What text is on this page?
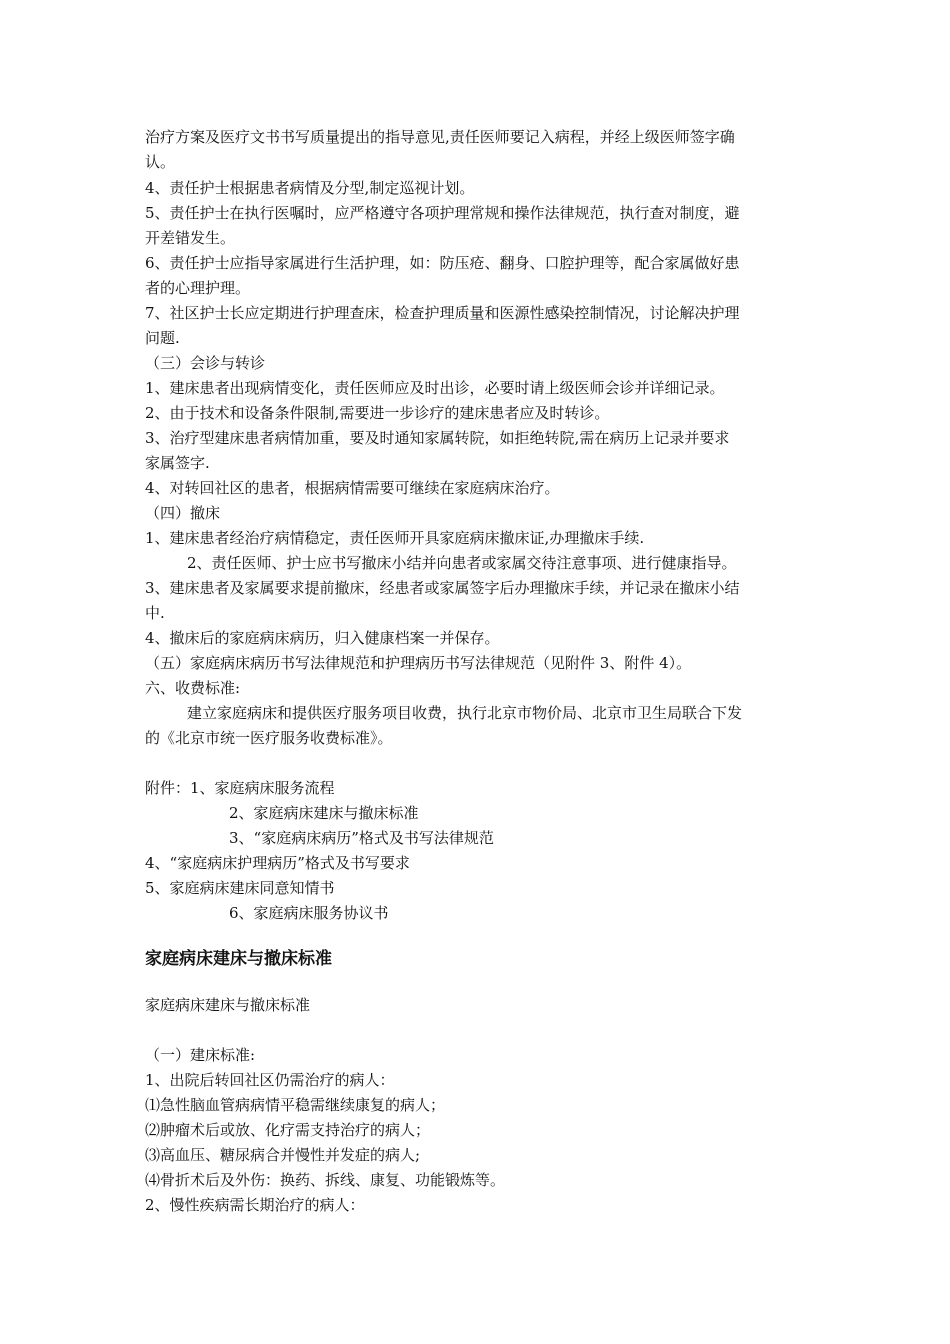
治疗方案及医疗文书书写质量提出的指导意见,责任医师要记入病程，并经上级医师签字确
认。
4、责任护士根据患者病情及分型,制定巡视计划。
5、责任护士在执行医嘱时，应严格遵守各项护理常规和操作法律规范，执行查对制度，避
开差错发生。
6、责任护士应指导家属进行生活护理，如：防压疮、翻身、口腔护理等，配合家属做好患
者的心理护理。
7、社区护士长应定期进行护理查床，检查护理质量和医源性感染控制情况，讨论解决护理
问题.
（三）会诊与转诊
1、建床患者出现病情变化，责任医师应及时出诊，必要时请上级医师会诊并详细记录。
2、由于技术和设备条件限制,需要进一步诊疗的建床患者应及时转诊。
3、治疗型建床患者病情加重，要及时通知家属转院，如拒绝转院,需在病历上记录并要求
家属签字.
4、对转回社区的患者，根据病情需要可继续在家庭病床治疗。
（四）撤床
1、建床患者经治疗病情稳定，责任医师开具家庭病床撤床证,办理撤床手续.
2、责任医师、护士应书写撤床小结并向患者或家属交待注意事项、进行健康指导。
3、建床患者及家属要求提前撤床，经患者或家属签字后办理撤床手续，并记录在撤床小结
中.
4、撤床后的家庭病床病历，归入健康档案一并保存。
（五）家庭病床病历书写法律规范和护理病历书写法律规范（见附件 3、附件 4）。
六、收费标准:
建立家庭病床和提供医疗服务项目收费，执行北京市物价局、北京市卫生局联合下发
的《北京市统一医疗服务收费标准》。
附件：1、家庭病床服务流程
2、家庭病床建床与撤床标准
3、“家庭病床病历”格式及书写法律规范
4、“家庭病床护理病历”格式及书写要求
5、家庭病床建床同意知情书
6、家庭病床服务协议书
家庭病床建床与撤床标准
家庭病床建床与撤床标准
（一）建床标准:
1、出院后转回社区仍需治疗的病人：
⑴急性脑血管病病情平稳需继续康复的病人；
⑵肿瘤术后或放、化疗需支持治疗的病人；
⑶高血压、糖尿病合并慢性并发症的病人;
⑷骨折术后及外伤：换药、拆线、康复、功能锻炼等。
2、慢性疾病需长期治疗的病人：
